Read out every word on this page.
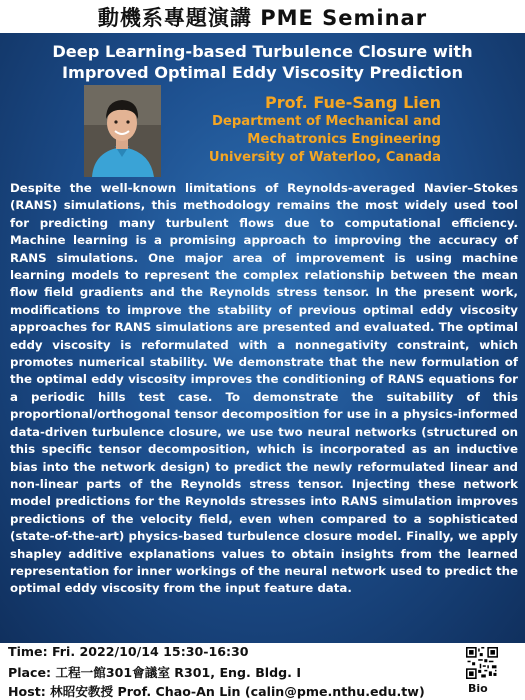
動機系專題演講 PME Seminar
Deep Learning-based Turbulence Closure with Improved Optimal Eddy Viscosity Prediction
Prof. Fue-Sang Lien
Department of Mechanical and
Mechatronics Engineering
University of Waterloo, Canada

Despite the well-known limitations of Reynolds-averaged Navier–Stokes (RANS) simulations, this methodology remains the most widely used tool for predicting many turbulent flows due to computational efficiency. Machine learning is a promising approach to improving the accuracy of RANS simulations. One major area of improvement is using machine learning models to represent the complex relationship between the mean flow field gradients and the Reynolds stress tensor. In the present work, modifications to improve the stability of previous optimal eddy viscosity approaches for RANS simulations are presented and evaluated. The optimal eddy viscosity is reformulated with a nonnegativity constraint, which promotes numerical stability. We demonstrate that the new formulation of the optimal eddy viscosity improves the conditioning of RANS equations for a periodic hills test case. To demonstrate the suitability of this proportional/orthogonal tensor decomposition for use in a physics-informed data-driven turbulence closure, we use two neural networks (structured on this specific tensor decomposition, which is incorporated as an inductive bias into the network design) to predict the newly reformulated linear and non-linear parts of the Reynolds stress tensor. Injecting these network model predictions for the Reynolds stresses into RANS simulation improves predictions of the velocity field, even when compared to a sophisticated (state-of-the-art) physics-based turbulence closure model. Finally, we apply shapley additive explanations values to obtain insights from the learned representation for inner workings of the neural network used to predict the optimal eddy viscosity from the input feature data.

Time: Fri. 2022/10/14 15:30-16:30
Place: 工程一館301會議室 R301, Eng. Bldg. I
Host: 林昭安教授 Prof. Chao-An Lin (calin@pme.nthu.edu.tw)	Bio
